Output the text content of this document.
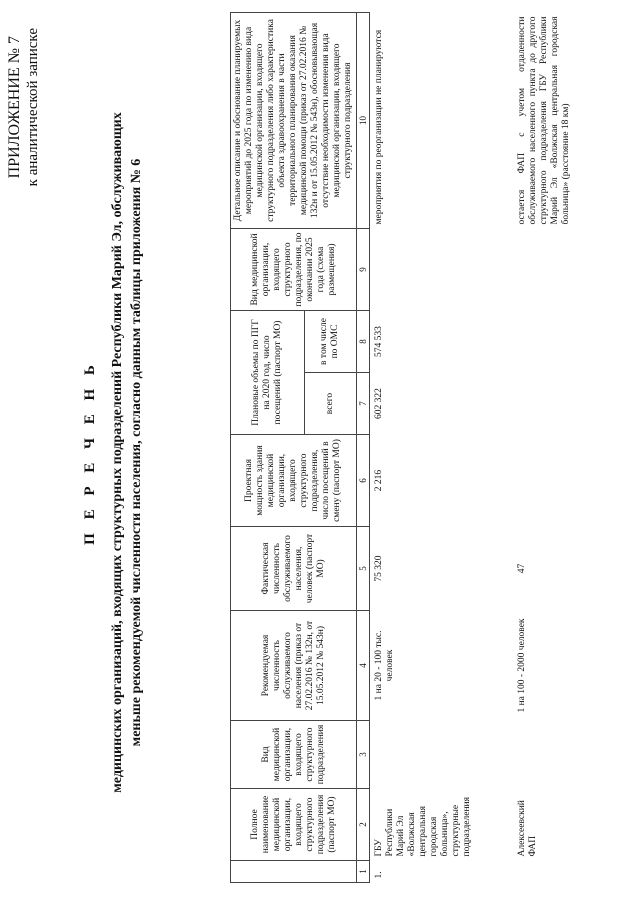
ПРИЛОЖЕНИЕ № 7 к аналитической записке
П Е Р Е Ч Е Н Ь медицинских организаций, входящих структурных подразделений Республики Марий Эл, обслуживающих меньше рекомендуемой численности населения, согласно данным таблицы приложения № 6
	Полное наименование медицинской организации, входящего структурного подразделения (паспорт МО)	Вид медицинской организации, входящего структурного подразделения	Рекомендуемая численность обслуживаемого населения (приказ от 27.02.2016 № 132н, от 15.05.2012 № 543н)	Фактическая численность обслуживаемого населения, человек (паспорт МО)	Проектная мощность здания медицинской организации, входящего структурного подразделения, число посещений в смену (паспорт МО)	Плановые объемы по ПГГ на 2020 год, число посещений (паспорт МО)		Вид медицинской организации, входящего структурного подразделения, по окончании 2025 года (схема размещения)	Детальное описание и обоснование планируемых мероприятий до 2025 года по изменению вида медицинской организации, входящего структурного подразделения либо характеристика объекта здравоохранения в части территориального планирования оказания медицинской помощи (приказ от 27.02.2016 № 132н и от 15.05.2012 № 543н), обосновывающая отсутствие необходимости изменения вида медицинской организации, входящего структурного подразделения
						всего	в том числе по ОМС		
1	2	3	4	5	6	7	8	9	10
1.	ГБУ Республики Марий Эл «Волжская центральная городская больница», структурные подразделения		1 на 20 - 100 тыс. человек	75 320	2 216	602 322	574 533		мероприятия по реорганизации не планируются
	Алексеевский ФАП		1 на 100 - 2000 человек	47					остается ФАП с учетом отдаленности обслуживаемого населенного пункта до другого структурного подразделения ГБУ Республики Марий Эл «Волжская центральная городская больница» (расстояние 18 км)
